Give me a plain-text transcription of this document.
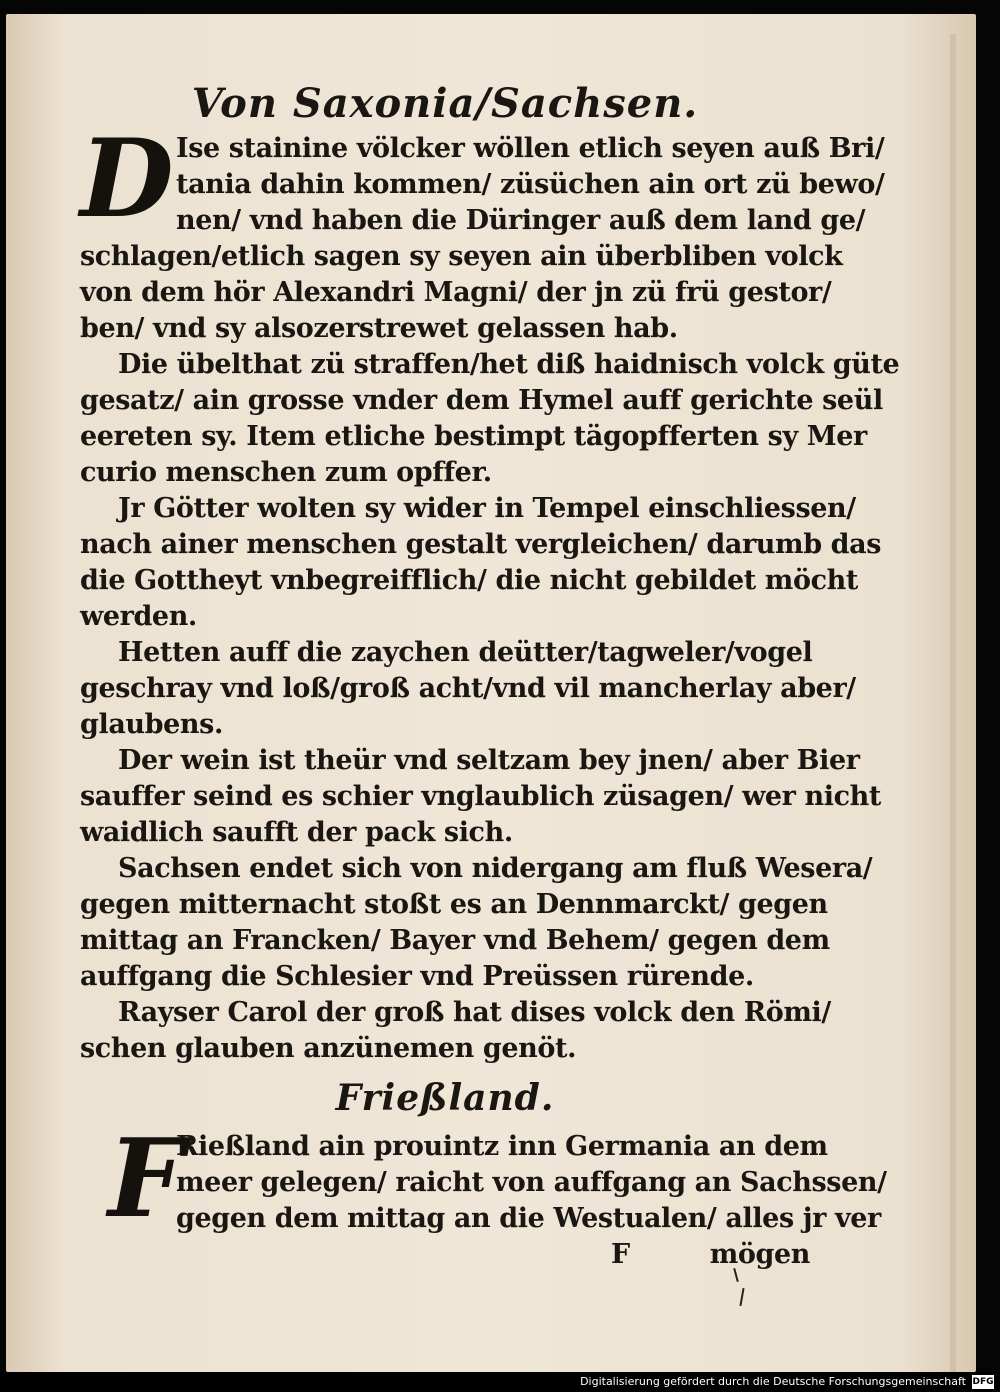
Von Saxonia/Sachsen.
D Ise stainine völcker wöllen etlich seyen auß Bri/
tania dahin kommen/ züsüchen ain ort zü bewo/
nen/ vnd haben die Düringer auß dem land ge/
schlagen/etlich sagen sy seyen ain überbliben volck
von dem hör Alexandri Magni/ der jn zü frü gestor/
ben/ vnd sy alsozerstrewet gelassen hab.
Die übelthat zü straffen/het diß haidnisch volck güte
gesatz/ ain grosse vnder dem Hymel auff gerichte seül
eereten sy. Item etliche bestimpt tägopfferten sy Mer
curio menschen zum opffer.
Jr Götter wolten sy wider in Tempel einschliessen/
nach ainer menschen gestalt vergleichen/ darumb das
die Gottheyt vnbegreifflich/ die nicht gebildet möcht
werden.
Hetten auff die zaychen deütter/tagweler/vogel
geschray vnd loß/groß acht/vnd vil mancherlay aber/
glaubens.
Der wein ist theür vnd seltzam bey jnen/ aber Bier
sauffer seind es schier vnglaublich züsagen/ wer nicht
waidlich saufft der pack sich.
Sachsen endet sich von nidergang am fluß Wesera/
gegen mitternacht stoßt es an Dennmarckt/ gegen
mittag an Francken/ Bayer vnd Behem/ gegen dem
auffgang die Schlesier vnd Preüssen rürende.
Rayser Carol der groß hat dises volck den Römi/
schen glauben anzünemen genöt.
Frießland.
F
Rießland ain prouintz inn Germania an dem
meer gelegen/ raicht von auffgang an Sachssen/
gegen dem mittag an die Westualen/ alles jr ver
F	mögen
Digitalisierung gefördert durch die Deutsche Forschungsgemeinschaft DFG
